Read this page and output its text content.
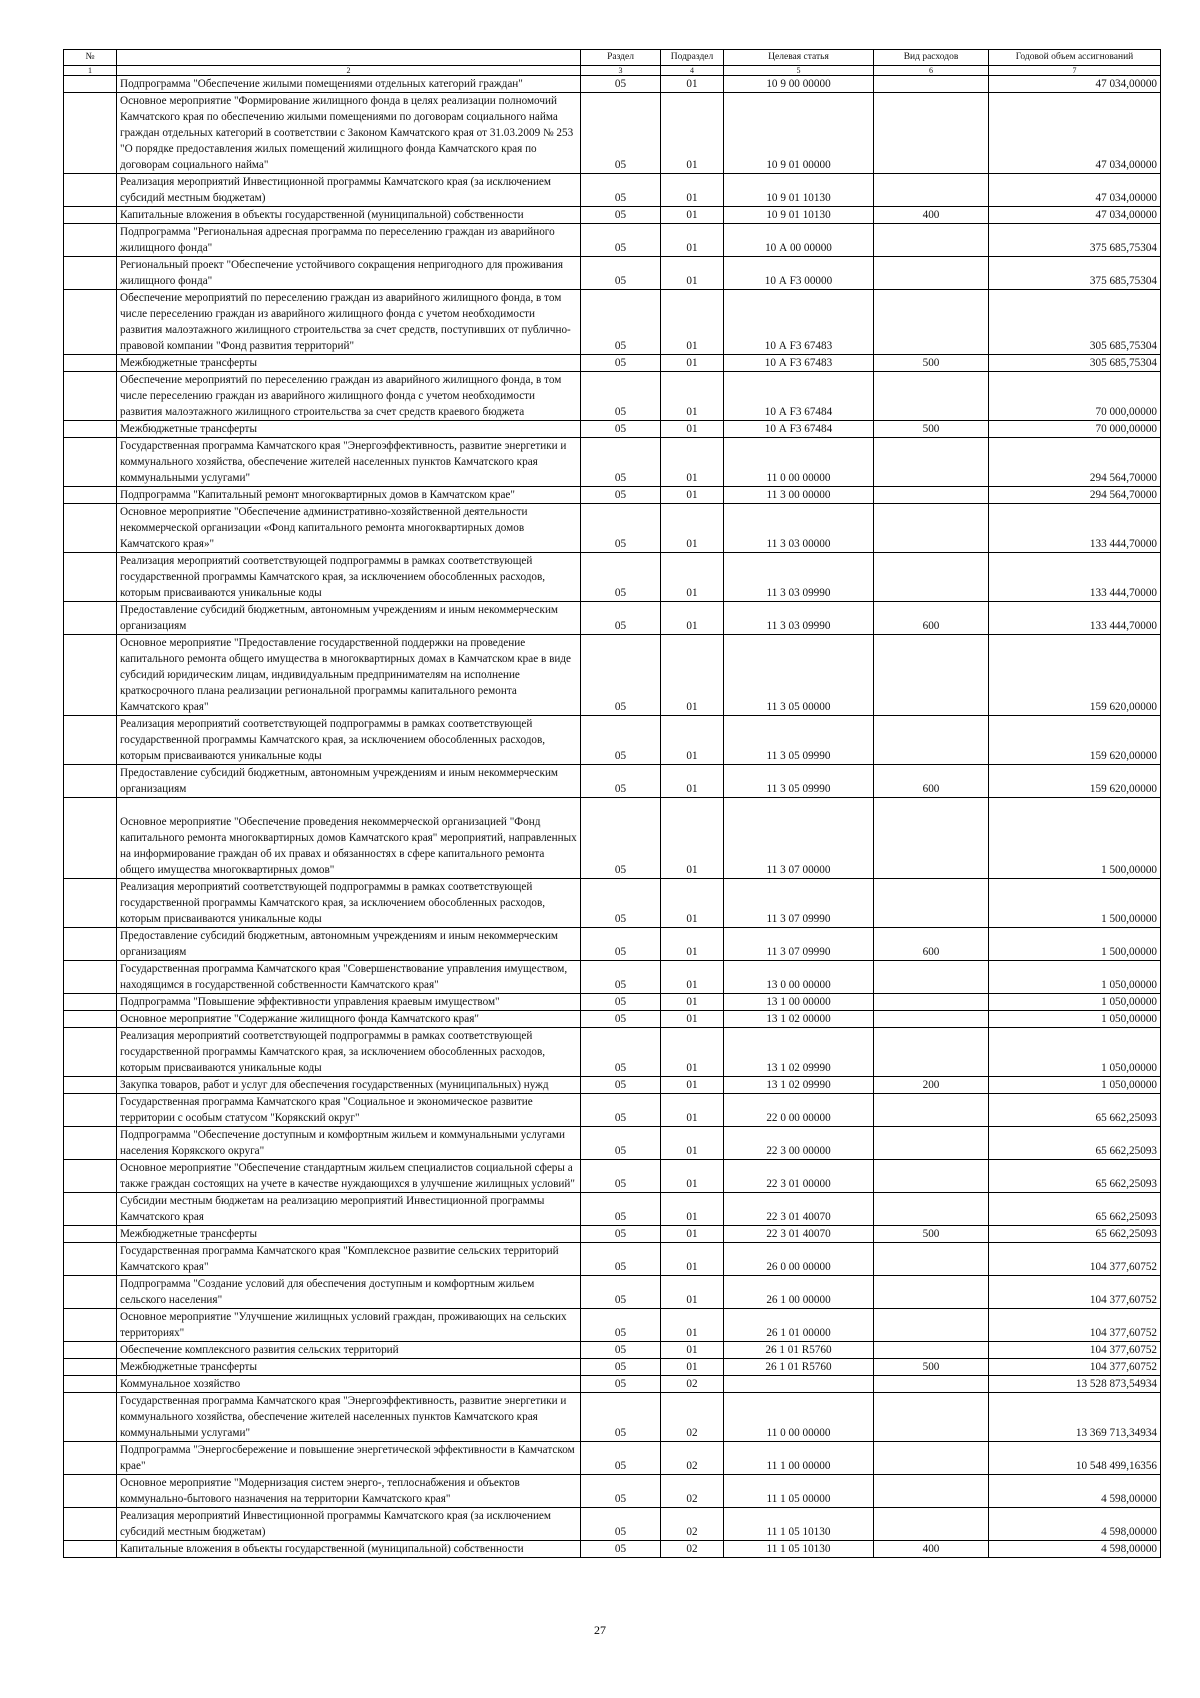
№		Раздел	Подраздел	Целевая статья	Вид расходов	Годовой объем ассигнований
1	2	3	4	5	6	7
	Подпрограмма "Обеспечение жилыми помещениями отдельных категорий граждан"	05	01	10 9 00 00000		47 034,00000
	Основное мероприятие "Формирование жилищного фонда в целях реализации полномочий Камчатского края по обеспечению жилыми помещениями по договорам социального найма граждан отдельных категорий в соответствии с Законом Камчатского края от 31.03.2009 № 253 "О порядке предоставления жилых помещений жилищного фонда Камчатского края по договорам социального найма"	05	01	10 9 01 00000		47 034,00000
	Реализация мероприятий Инвестиционной программы Камчатского края (за исключением субсидий местным бюджетам)	05	01	10 9 01 10130		47 034,00000
	Капитальные вложения в объекты государственной (муниципальной) собственности	05	01	10 9 01 10130	400	47 034,00000
	Подпрограмма "Региональная адресная программа по переселению граждан из аварийного жилищного фонда"	05	01	10 А 00 00000		375 685,75304
	Региональный проект "Обеспечение устойчивого сокращения непригодного для проживания жилищного фонда"	05	01	10 А F3 00000		375 685,75304
	Обеспечение мероприятий по переселению граждан из аварийного жилищного фонда, в том числе переселению граждан из аварийного жилищного фонда с учетом необходимости развития малоэтажного жилищного строительства за счет средств, поступивших от публично-правовой компании "Фонд развития территорий"	05	01	10 А F3 67483		305 685,75304
	Межбюджетные трансферты	05	01	10 А F3 67483	500	305 685,75304
	Обеспечение мероприятий по переселению граждан из аварийного жилищного фонда, в том числе переселению граждан из аварийного жилищного фонда с учетом необходимости развития малоэтажного жилищного строительства за счет средств краевого бюджета	05	01	10 А F3 67484		70 000,00000
	Межбюджетные трансферты	05	01	10 А F3 67484	500	70 000,00000
	Государственная программа Камчатского края "Энергоэффективность, развитие энергетики и коммунального хозяйства, обеспечение жителей населенных пунктов Камчатского края коммунальными услугами"	05	01	11 0 00 00000		294 564,70000
	Подпрограмма "Капитальный ремонт многоквартирных домов в Камчатском крае"	05	01	11 3 00 00000		294 564,70000
	Основное мероприятие "Обеспечение административно-хозяйственной деятельности некоммерческой организации «Фонд капитального ремонта многоквартирных домов Камчатского края»"	05	01	11 3 03 00000		133 444,70000
	Реализация мероприятий соответствующей подпрограммы в рамках соответствующей государственной программы Камчатского края, за исключением обособленных расходов, которым присваиваются уникальные коды	05	01	11 3 03 09990		133 444,70000
	Предоставление субсидий бюджетным, автономным учреждениям и иным некоммерческим организациям	05	01	11 3 03 09990	600	133 444,70000
	Основное мероприятие "Предоставление государственной поддержки на проведение капитального ремонта общего имущества в многоквартирных домах в Камчатском крае в виде субсидий юридическим лицам, индивидуальным предпринимателям на исполнение краткосрочного плана реализации региональной программы капитального ремонта Камчатского края"	05	01	11 3 05 00000		159 620,00000
	Реализация мероприятий соответствующей подпрограммы в рамках соответствующей государственной программы Камчатского края, за исключением обособленных расходов, которым присваиваются уникальные коды	05	01	11 3 05 09990		159 620,00000
	Предоставление субсидий бюджетным, автономным учреждениям и иным некоммерческим организациям	05	01	11 3 05 09990	600	159 620,00000
	Основное мероприятие "Обеспечение проведения некоммерческой организацией "Фонд капитального ремонта многоквартирных домов Камчатского края" мероприятий, направленных на информирование граждан об их правах и обязанностях в сфере капитального ремонта общего имущества многоквартирных домов"	05	01	11 3 07 00000		1 500,00000
	Реализация мероприятий соответствующей подпрограммы в рамках соответствующей государственной программы Камчатского края, за исключением обособленных расходов, которым присваиваются уникальные коды	05	01	11 3 07 09990		1 500,00000
	Предоставление субсидий бюджетным, автономным учреждениям и иным некоммерческим организациям	05	01	11 3 07 09990	600	1 500,00000
	Государственная программа Камчатского края "Совершенствование управления имуществом, находящимся в государственной собственности Камчатского края"	05	01	13 0 00 00000		1 050,00000
	Подпрограмма "Повышение эффективности управления краевым имуществом"	05	01	13 1 00 00000		1 050,00000
	Основное мероприятие "Содержание жилищного фонда Камчатского края"	05	01	13 1 02 00000		1 050,00000
	Реализация мероприятий соответствующей подпрограммы в рамках соответствующей государственной программы Камчатского края, за исключением обособленных расходов, которым присваиваются уникальные коды	05	01	13 1 02 09990		1 050,00000
	Закупка товаров, работ и услуг для обеспечения государственных (муниципальных) нужд	05	01	13 1 02 09990	200	1 050,00000
	Государственная программа Камчатского края "Социальное и экономическое развитие территории с особым статусом "Корякский округ"	05	01	22 0 00 00000		65 662,25093
	Подпрограмма "Обеспечение доступным и комфортным жильем и коммунальными услугами населения Корякского округа"	05	01	22 3 00 00000		65 662,25093
	Основное мероприятие "Обеспечение стандартным жильем специалистов социальной сферы а также граждан состоящих на учете в качестве нуждающихся в улучшение жилищных условий"	05	01	22 3 01 00000		65 662,25093
	Субсидии местным бюджетам на реализацию мероприятий Инвестиционной программы Камчатского края	05	01	22 3 01 40070		65 662,25093
	Межбюджетные трансферты	05	01	22 3 01 40070	500	65 662,25093
	Государственная программа Камчатского края "Комплексное развитие сельских территорий Камчатского края"	05	01	26 0 00 00000		104 377,60752
	Подпрограмма "Создание условий для обеспечения доступным и комфортным жильем сельского населения"	05	01	26 1 00 00000		104 377,60752
	Основное мероприятие "Улучшение жилищных условий граждан, проживающих на сельских территориях"	05	01	26 1 01 00000		104 377,60752
	Обеспечение комплексного развития сельских территорий	05	01	26 1 01 R5760		104 377,60752
	Межбюджетные трансферты	05	01	26 1 01 R5760	500	104 377,60752
	Коммунальное хозяйство	05	02			13 528 873,54934
	Государственная программа Камчатского края "Энергоэффективность, развитие энергетики и коммунального хозяйства, обеспечение жителей населенных пунктов Камчатского края коммунальными услугами"	05	02	11 0 00 00000		13 369 713,34934
	Подпрограмма "Энергосбережение и повышение энергетической эффективности в Камчатском крае"	05	02	11 1 00 00000		10 548 499,16356
	Основное мероприятие "Модернизация систем энерго-, теплоснабжения и объектов коммунально-бытового назначения на территории Камчатского края"	05	02	11 1 05 00000		4 598,00000
	Реализация мероприятий Инвестиционной программы Камчатского края (за исключением субсидий местным бюджетам)	05	02	11 1 05 10130		4 598,00000
	Капитальные вложения в объекты государственной (муниципальной) собственности	05	02	11 1 05 10130	400	4 598,00000
27
